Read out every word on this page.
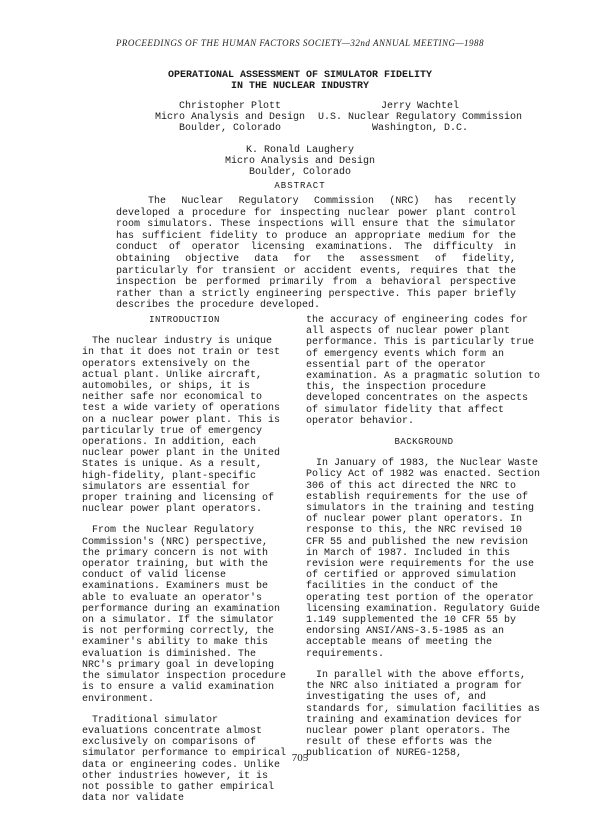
PROCEEDINGS OF THE HUMAN FACTORS SOCIETY—32nd ANNUAL MEETING—1988
OPERATIONAL ASSESSMENT OF SIMULATOR FIDELITY
IN THE NUCLEAR INDUSTRY
Christopher Plott
Micro Analysis and Design
Boulder, Colorado
Jerry Wachtel
U.S. Nuclear Regulatory Commission
Washington, D.C.
K. Ronald Laughery
Micro Analysis and Design
Boulder, Colorado
ABSTRACT
The Nuclear Regulatory Commission (NRC) has recently developed a procedure for inspecting nuclear power plant control room simulators. These inspections will ensure that the simulator has sufficient fidelity to produce an appropriate medium for the conduct of operator licensing examinations. The difficulty in obtaining objective data for the assessment of fidelity, particularly for transient or accident events, requires that the inspection be performed primarily from a behavioral perspective rather than a strictly engineering perspective. This paper briefly describes the procedure developed.
INTRODUCTION

The nuclear industry is unique in that it does not train or test operators extensively on the actual plant. Unlike aircraft, automobiles, or ships, it is neither safe nor economical to test a wide variety of operations on a nuclear power plant. This is particularly true of emergency operations. In addition, each nuclear power plant in the United States is unique. As a result, high-fidelity, plant-specific simulators are essential for proper training and licensing of nuclear power plant operators.

From the Nuclear Regulatory Commission's (NRC) perspective, the primary concern is not with operator training, but with the conduct of valid license examinations. Examiners must be able to evaluate an operator's performance during an examination on a simulator. If the simulator is not performing correctly, the examiner's ability to make this evaluation is diminished. The NRC's primary goal in developing the simulator inspection procedure is to ensure a valid examination environment.

Traditional simulator evaluations concentrate almost exclusively on comparisons of simulator performance to empirical data or engineering codes. Unlike other industries however, it is not possible to gather empirical data nor validate

the accuracy of engineering codes for all aspects of nuclear power plant performance. This is particularly true of emergency events which form an essential part of the operator examination. As a pragmatic solution to this, the inspection procedure developed concentrates on the aspects of simulator fidelity that affect operator behavior.

BACKGROUND

In January of 1983, the Nuclear Waste Policy Act of 1982 was enacted. Section 306 of this act directed the NRC to establish requirements for the use of simulators in the training and testing of nuclear power plant operators. In response to this, the NRC revised 10 CFR 55 and published the new revision in March of 1987. Included in this revision were requirements for the use of certified or approved simulation facilities in the conduct of the operating test portion of the operator licensing examination. Regulatory Guide 1.149 supplemented the 10 CFR 55 by endorsing ANSI/ANS-3.5-1985 as an acceptable means of meeting the requirements.

In parallel with the above efforts, the NRC also initiated a program for investigating the uses of, and standards for, simulation facilities as training and examination devices for nuclear power plant operators. The result of these efforts was the publication of NUREG-1258,

705
